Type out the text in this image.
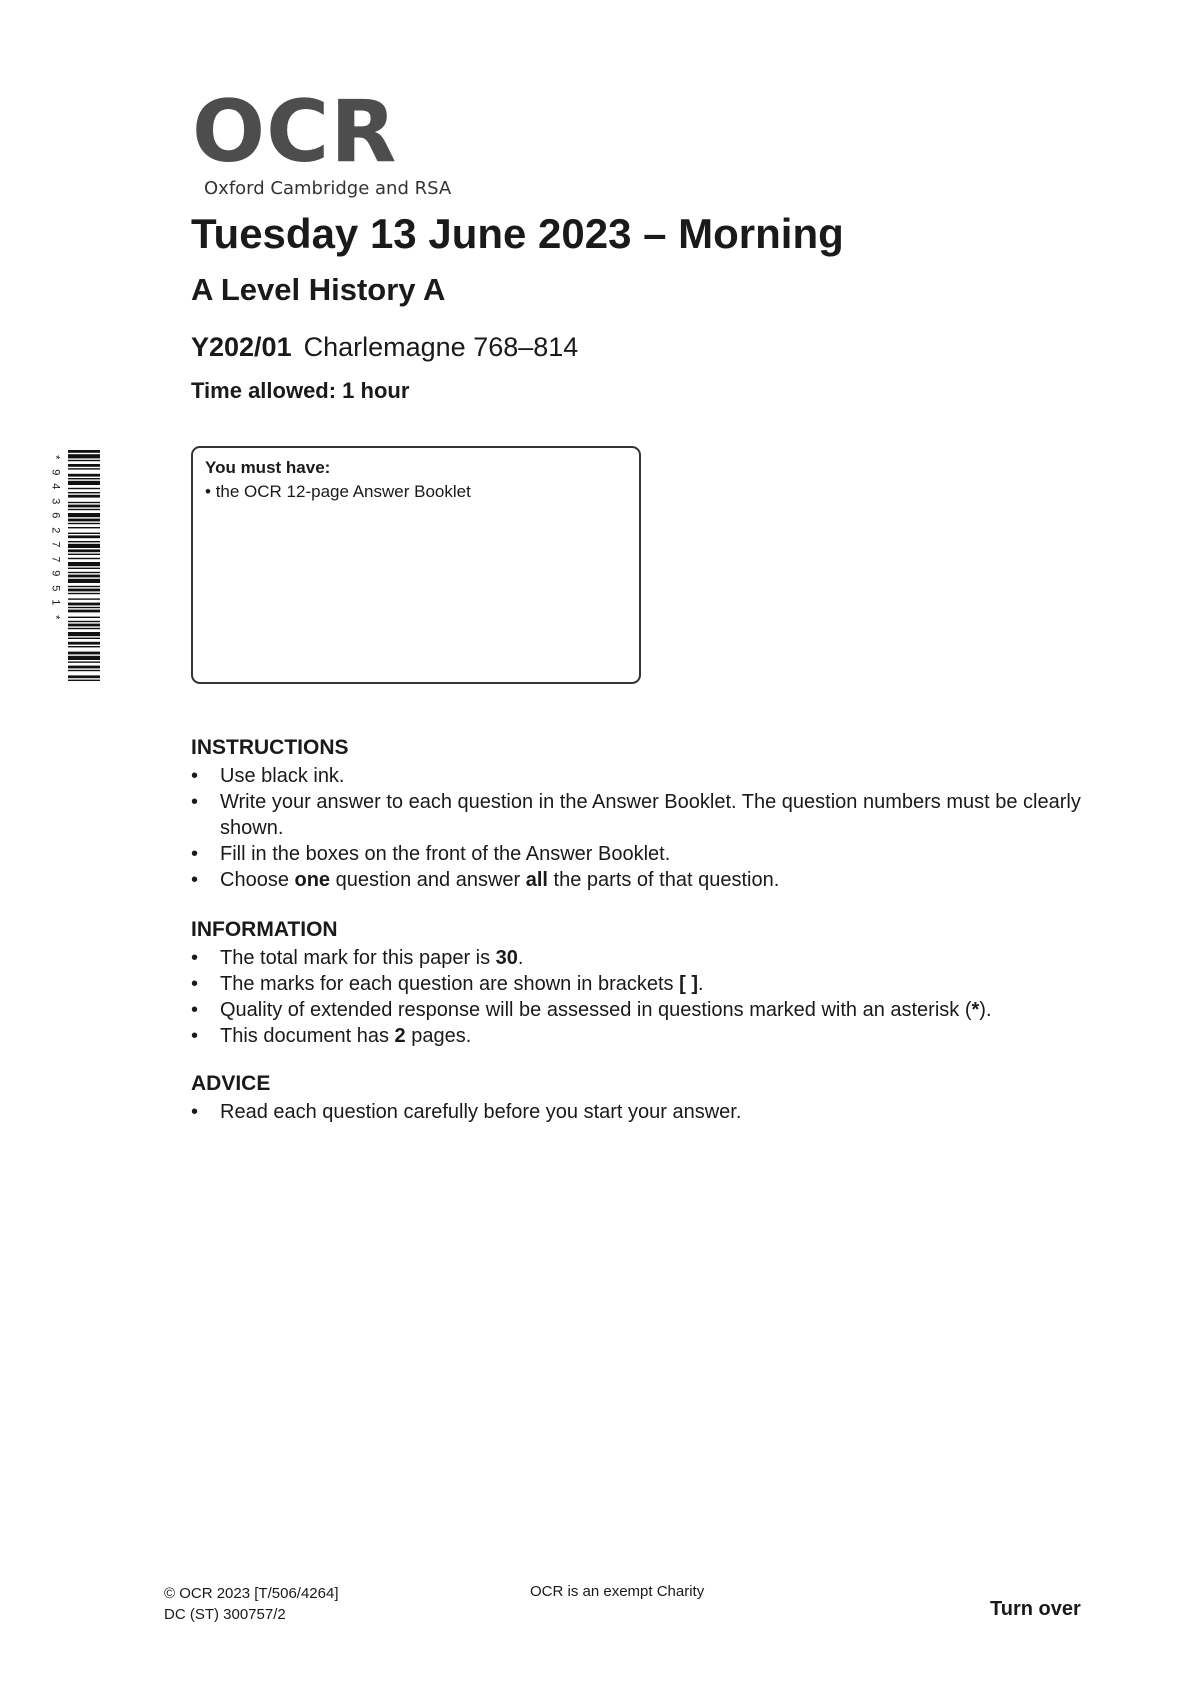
OCR
Oxford Cambridge and RSA
Tuesday 13 June 2023 – Morning
A Level History A
Y202/01 Charlemagne 768–814
Time allowed: 1 hour
*
9
4
3
6
2
7
7
9
5
1
*
You must have:
• the OCR 12-page Answer Booklet
INSTRUCTIONS
•	Use black ink.
•	Write your answer to each question in the Answer Booklet. The question numbers must be clearly shown.
•	Fill in the boxes on the front of the Answer Booklet.
•	Choose one question and answer all the parts of that question.
INFORMATION
•	The total mark for this paper is 30.
•	The marks for each question are shown in brackets [ ].
•	Quality of extended response will be assessed in questions marked with an asterisk (*).
•	This document has 2 pages.
ADVICE
•	Read each question carefully before you start your answer.
© OCR 2023 [T/506/4264]
DC (ST) 300757/2
OCR is an exempt Charity
Turn over
